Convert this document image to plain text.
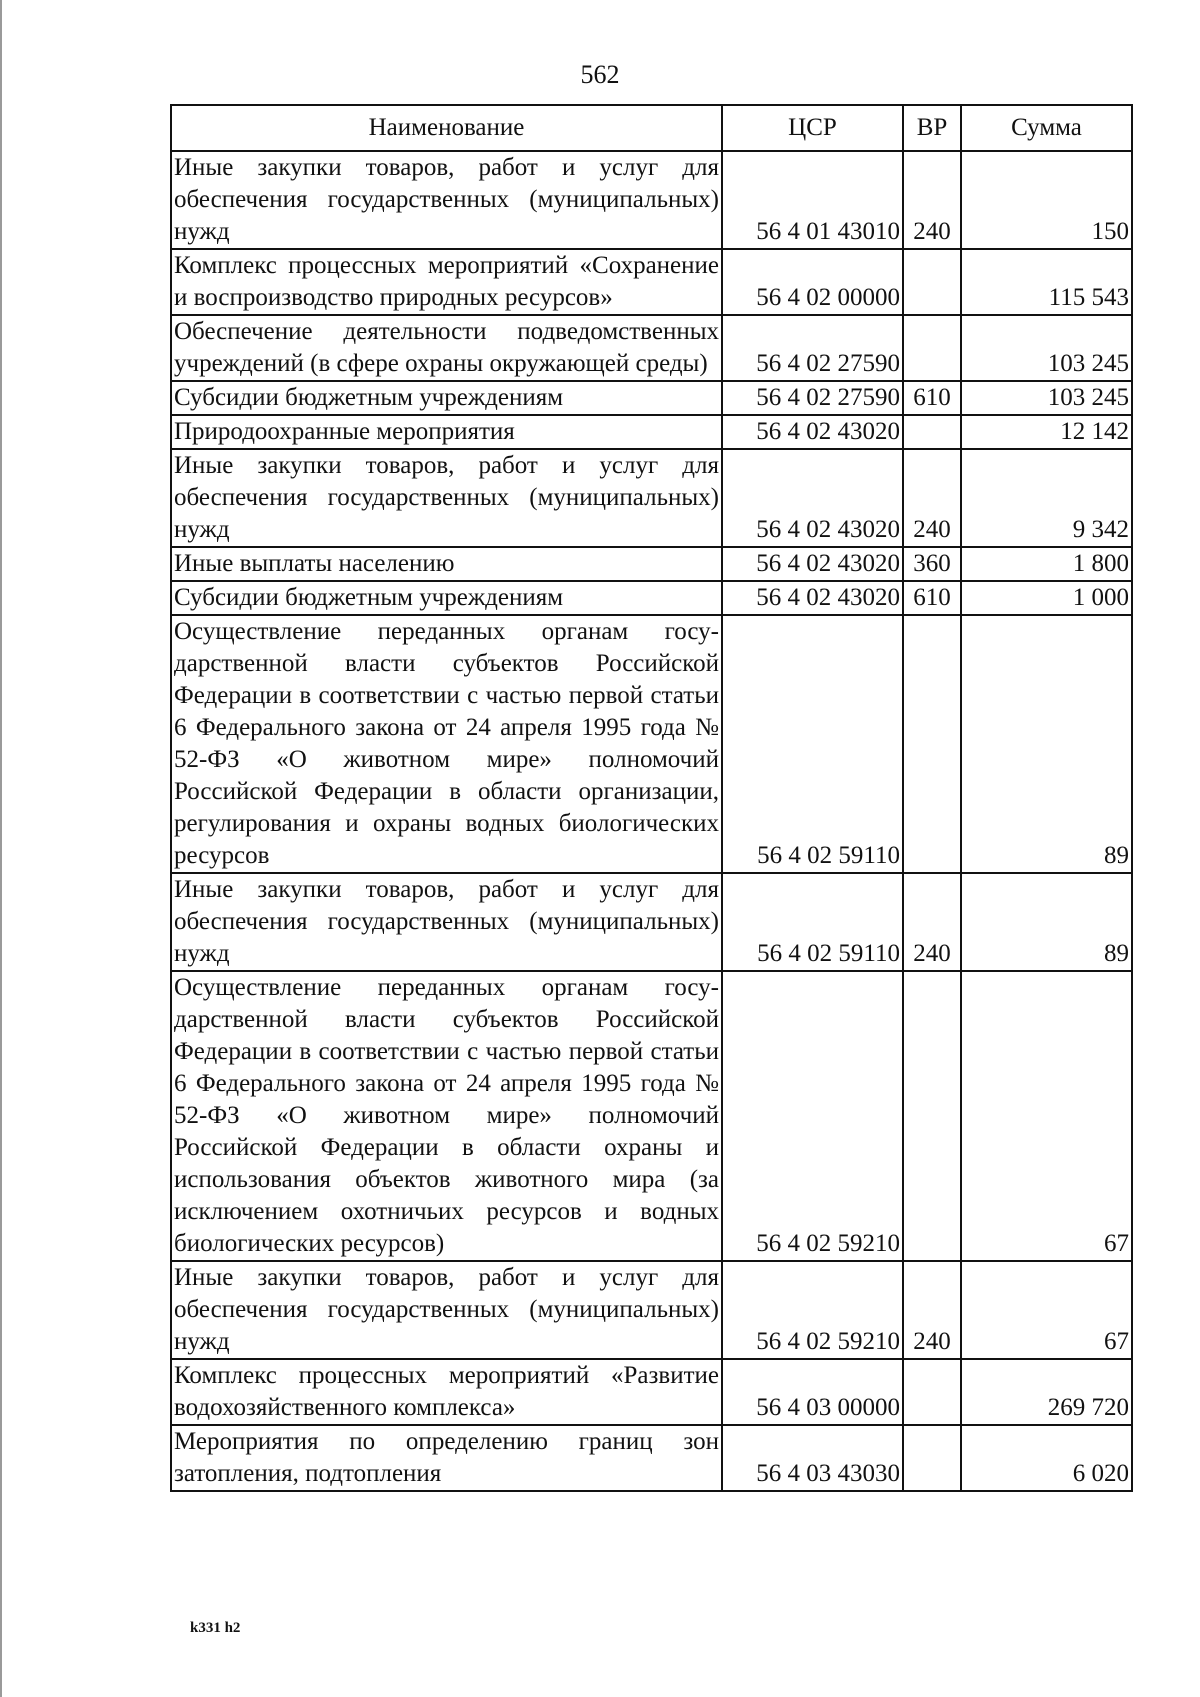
562
Наименование	ЦСР	ВР	Сумма
Иные закупки товаров, работ и услуг для обеспечения государственных (муниципальных) нужд	56 4 01 43010	240	150
Комплекс процессных мероприятий «Сохранение и воспроизводство природных ресурсов»	56 4 02 00000		115 543
Обеспечение деятельности подведомственных учреждений (в сфере охраны окружающей среды)	56 4 02 27590		103 245
Субсидии бюджетным учреждениям	56 4 02 27590	610	103 245
Природоохранные мероприятия	56 4 02 43020		12 142
Иные закупки товаров, работ и услуг для обеспечения государственных (муниципальных) нужд	56 4 02 43020	240	9 342
Иные выплаты населению	56 4 02 43020	360	1 800
Субсидии бюджетным учреждениям	56 4 02 43020	610	1 000
Осуществление переданных органам государственной власти субъектов Российской Федерации в соответствии с частью первой статьи 6 Федерального закона от 24 апреля 1995 года № 52-ФЗ «О животном мире» полномочий Российской Федерации в области организации, регулирования и охраны водных биологических ресурсов	56 4 02 59110		89
Иные закупки товаров, работ и услуг для обеспечения государственных (муниципальных) нужд	56 4 02 59110	240	89
Осуществление переданных органам государственной власти субъектов Российской Федерации в соответствии с частью первой статьи 6 Федерального закона от 24 апреля 1995 года № 52-ФЗ «О животном мире» полномочий Российской Федерации в области охраны и использования объектов животного мира (за исключением охотничьих ресурсов и водных биологических ресурсов)	56 4 02 59210		67
Иные закупки товаров, работ и услуг для обеспечения государственных (муниципальных) нужд	56 4 02 59210	240	67
Комплекс процессных мероприятий «Развитие водохозяйственного комплекса»	56 4 03 00000		269 720
Мероприятия по определению границ зон затопления, подтопления	56 4 03 43030		6 020
k331 h2
